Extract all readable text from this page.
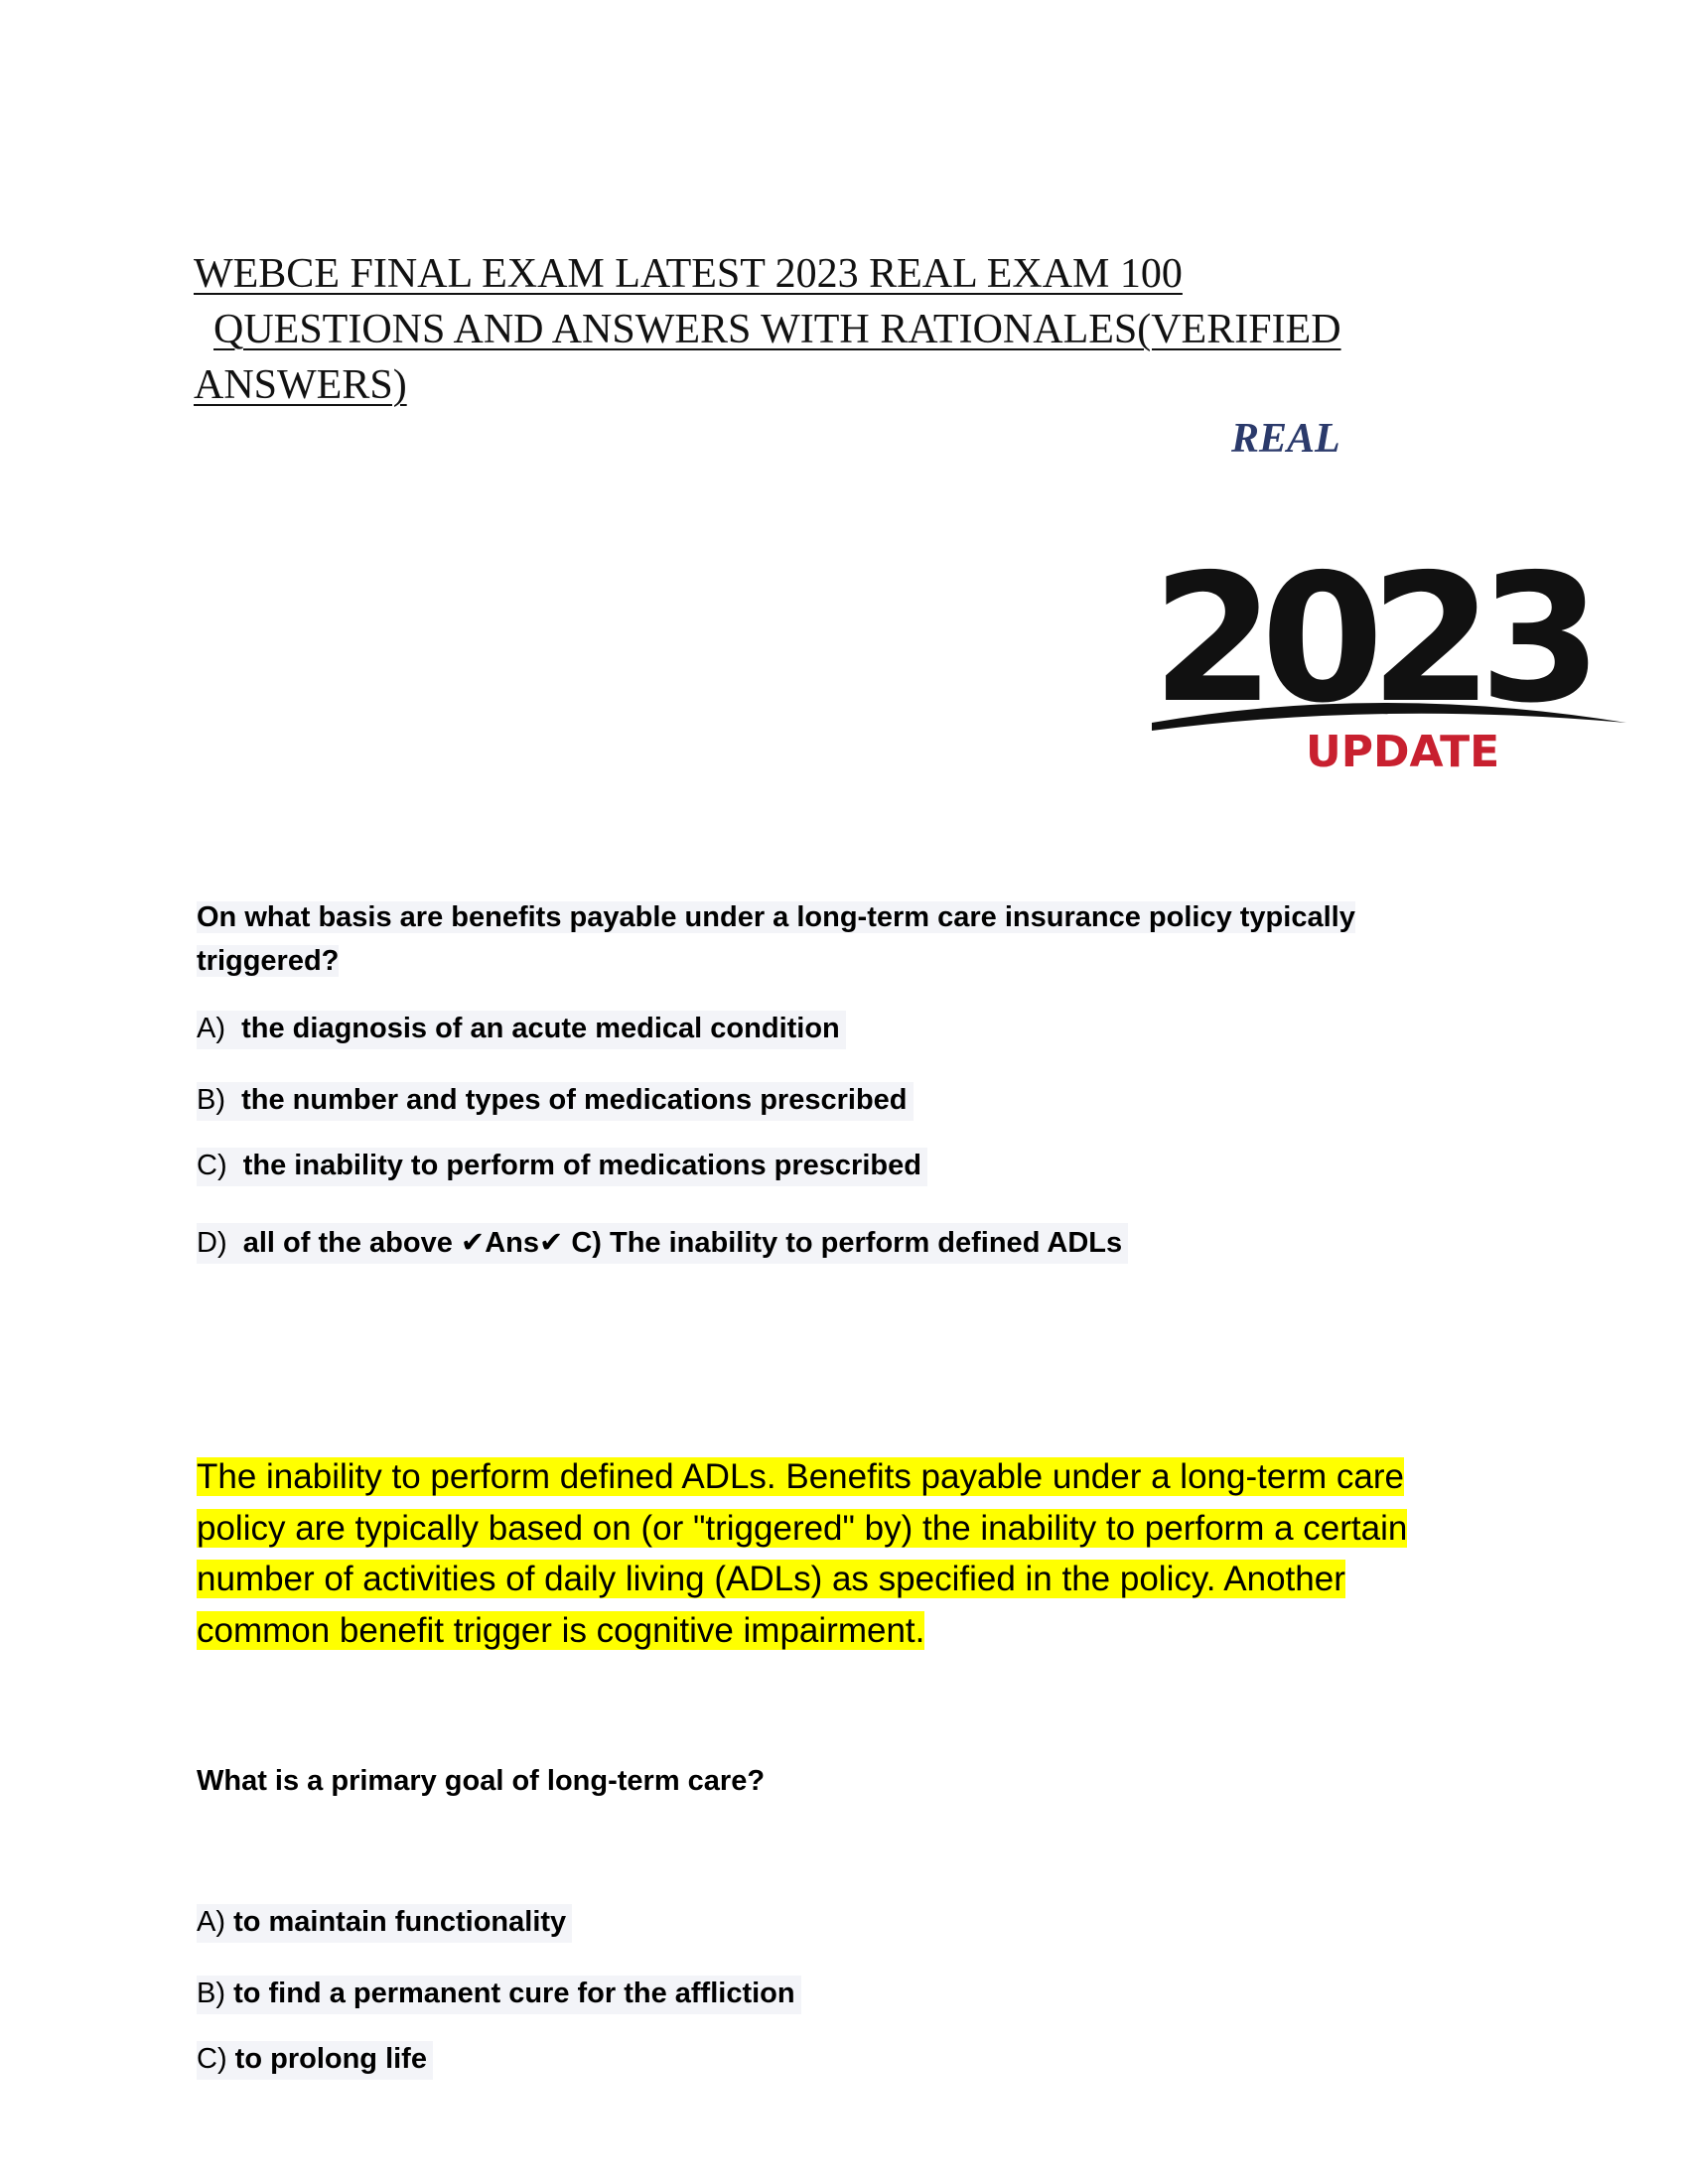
WEBCE FINAL EXAM LATEST 2023 REAL EXAM 100
QUESTIONS AND ANSWERS WITH RATIONALES(VERIFIED
ANSWERS)
REAL
2023
UPDATE
On what basis are benefits payable under a long-term care insurance policy typically triggered?
A) the diagnosis of an acute medical condition
B) the number and types of medications prescribed
C) the inability to perform of medications prescribed
D) all of the above ✔Ans✔ C) The inability to perform defined ADLs
The inability to perform defined ADLs. Benefits payable under a long-term care
policy are typically based on (or "triggered" by) the inability to perform a certain
number of activities of daily living (ADLs) as specified in the policy. Another
common benefit trigger is cognitive impairment.
What is a primary goal of long-term care?
A) to maintain functionality
B) to find a permanent cure for the affliction
C) to prolong life
